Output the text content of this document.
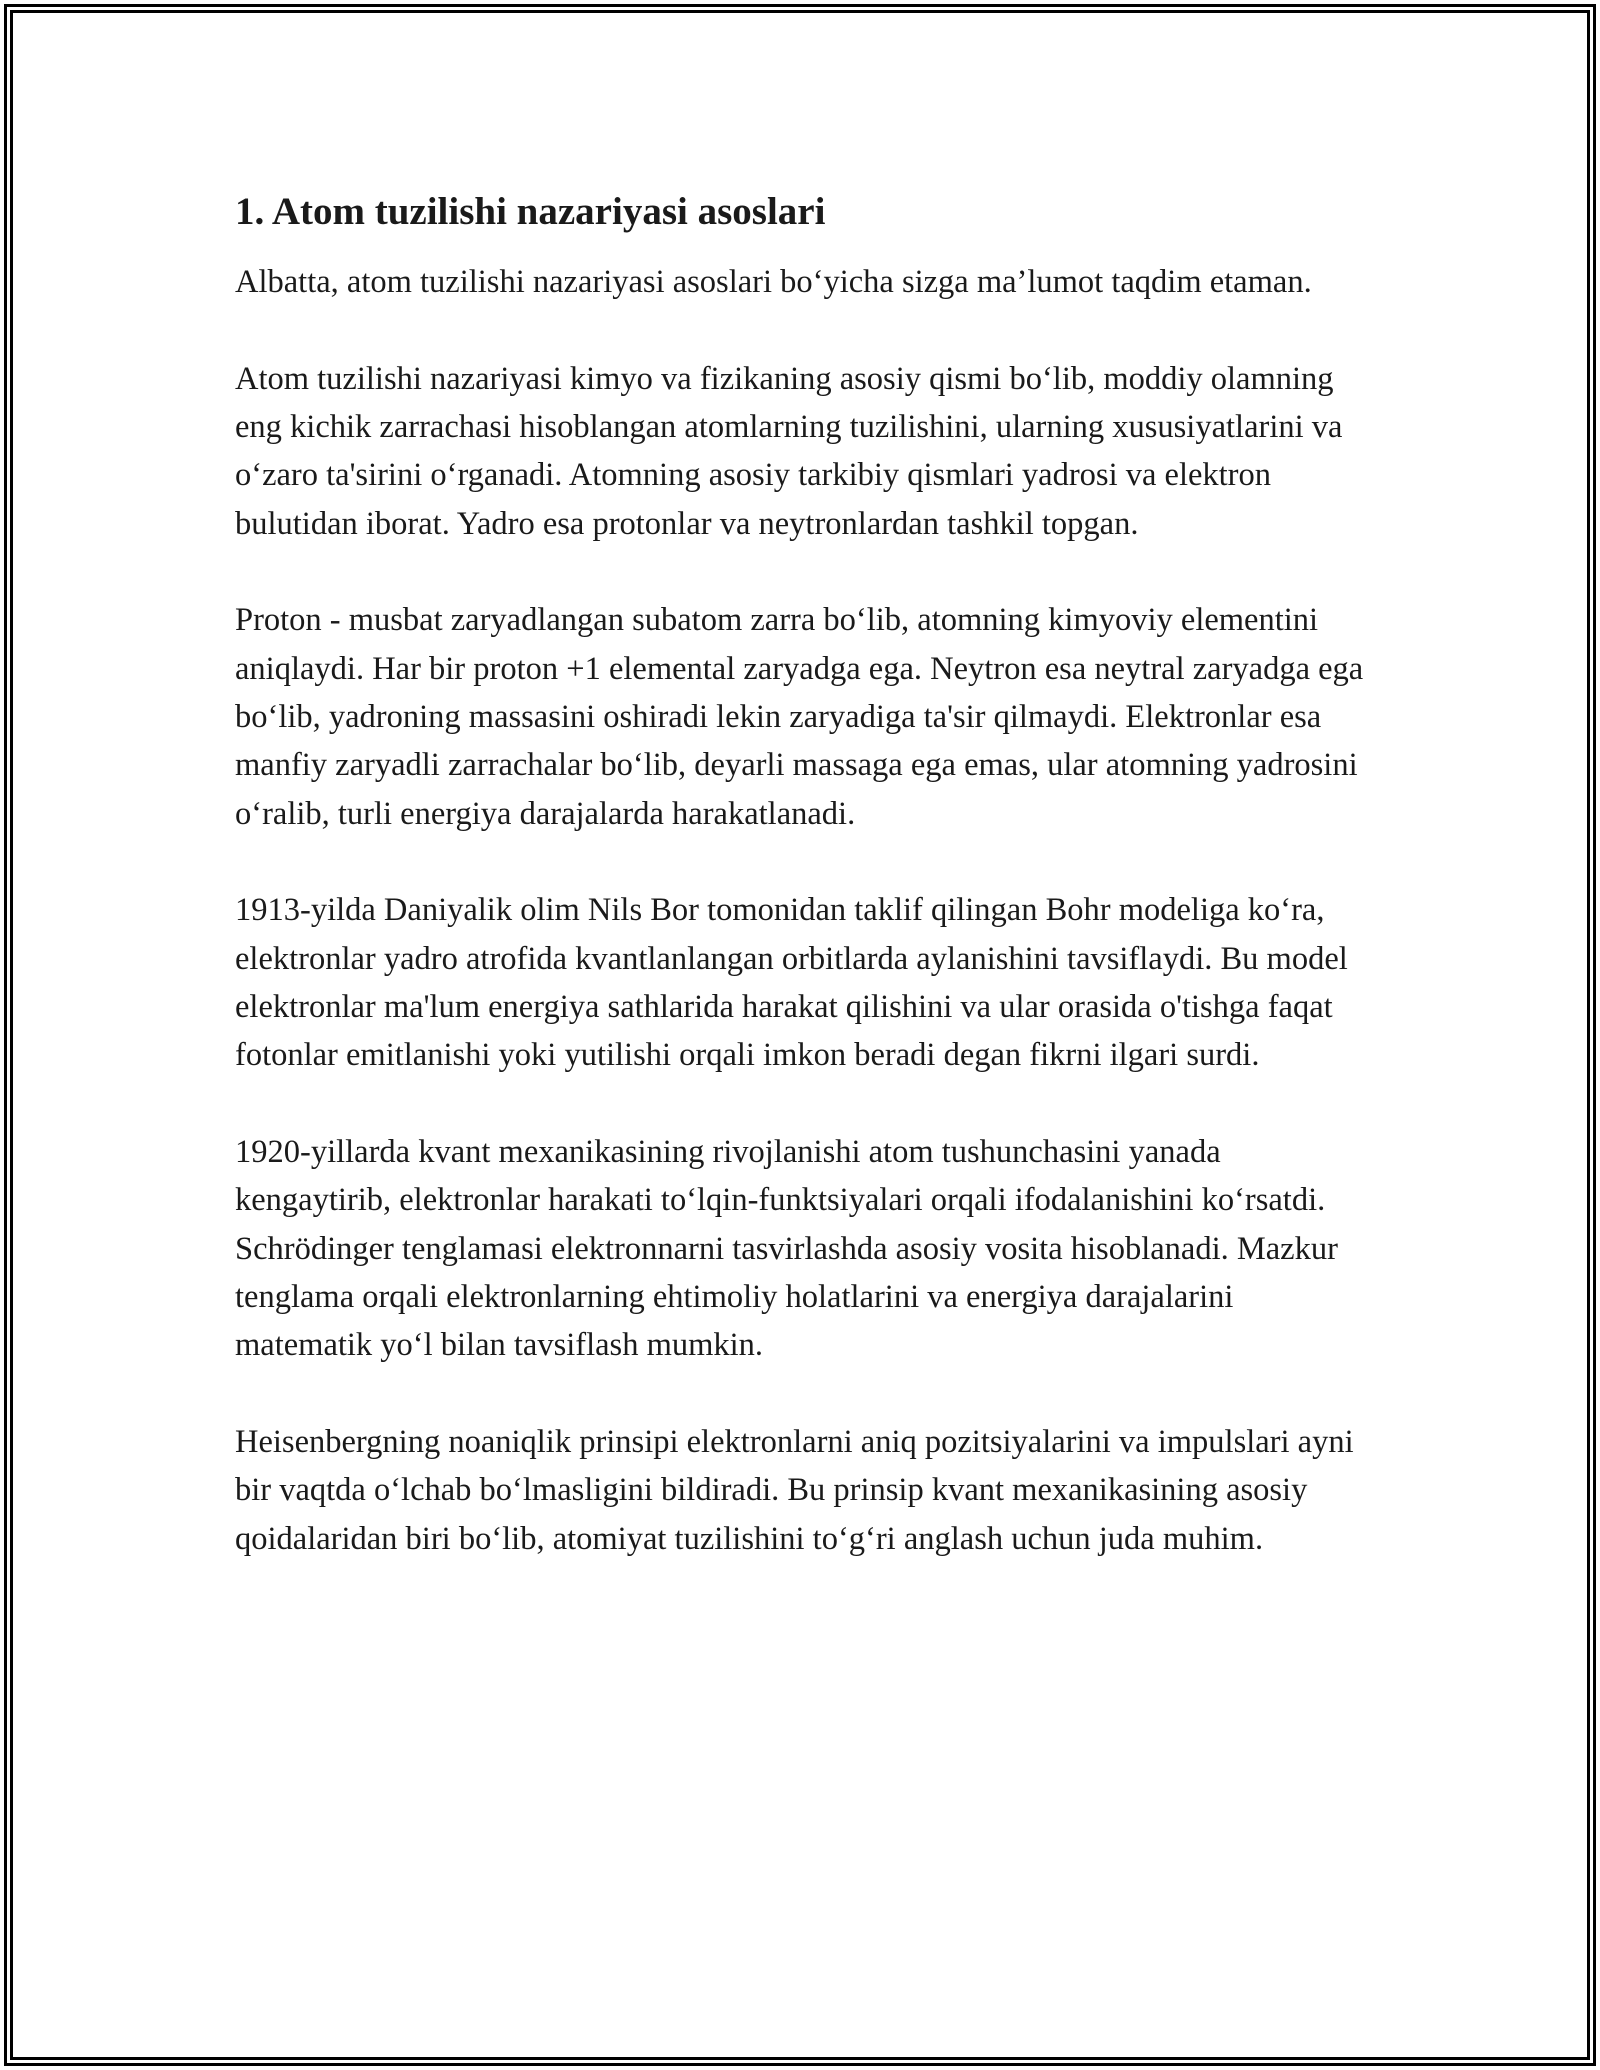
1. Atom tuzilishi nazariyasi asoslari

Albatta, atom tuzilishi nazariyasi asoslari bo‘yicha sizga ma’lumot taqdim etaman.

Atom tuzilishi nazariyasi kimyo va fizikaning asosiy qismi bo‘lib, moddiy olamning eng kichik zarrachasi hisoblangan atomlarning tuzilishini, ularning xususiyatlarini va o‘zaro ta'sirini o‘rganadi. Atomning asosiy tarkibiy qismlari yadrosi va elektron bulutidan iborat. Yadro esa protonlar va neytronlardan tashkil topgan.

Proton - musbat zaryadlangan subatom zarra bo‘lib, atomning kimyoviy elementini aniqlaydi. Har bir proton +1 elemental zaryadga ega. Neytron esa neytral zaryadga ega bo‘lib, yadroning massasini oshiradi lekin zaryadiga ta'sir qilmaydi. Elektronlar esa manfiy zaryadli zarrachalar bo‘lib, deyarli massaga ega emas, ular atomning yadrosini o‘ralib, turli energiya darajalarda harakatlanadi.

1913-yilda Daniyalik olim Nils Bor tomonidan taklif qilingan Bohr modeliga ko‘ra, elektronlar yadro atrofida kvantlanlangan orbitlarda aylanishini tavsiflaydi. Bu model elektronlar ma'lum energiya sathlarida harakat qilishini va ular orasida o'tishga faqat fotonlar emitlanishi yoki yutilishi orqali imkon beradi degan fikrni ilgari surdi.

1920-yillarda kvant mexanikasining rivojlanishi atom tushunchasini yanada kengaytirib, elektronlar harakati to‘lqin-funktsiyalari orqali ifodalanishini ko‘rsatdi. Schrödinger tenglamasi elektronnarni tasvirlashda asosiy vosita hisoblanadi. Mazkur tenglama orqali elektronlarning ehtimoliy holatlarini va energiya darajalarini matematik yo‘l bilan tavsiflash mumkin.

Heisenbergning noaniqlik prinsipi elektronlarni aniq pozitsiyalarini va impulslari ayni bir vaqtda o‘lchab bo‘lmasligini bildiradi. Bu prinsip kvant mexanikasining asosiy qoidalaridan biri bo‘lib, atomiyat tuzilishini to‘g‘ri anglash uchun juda muhim.
